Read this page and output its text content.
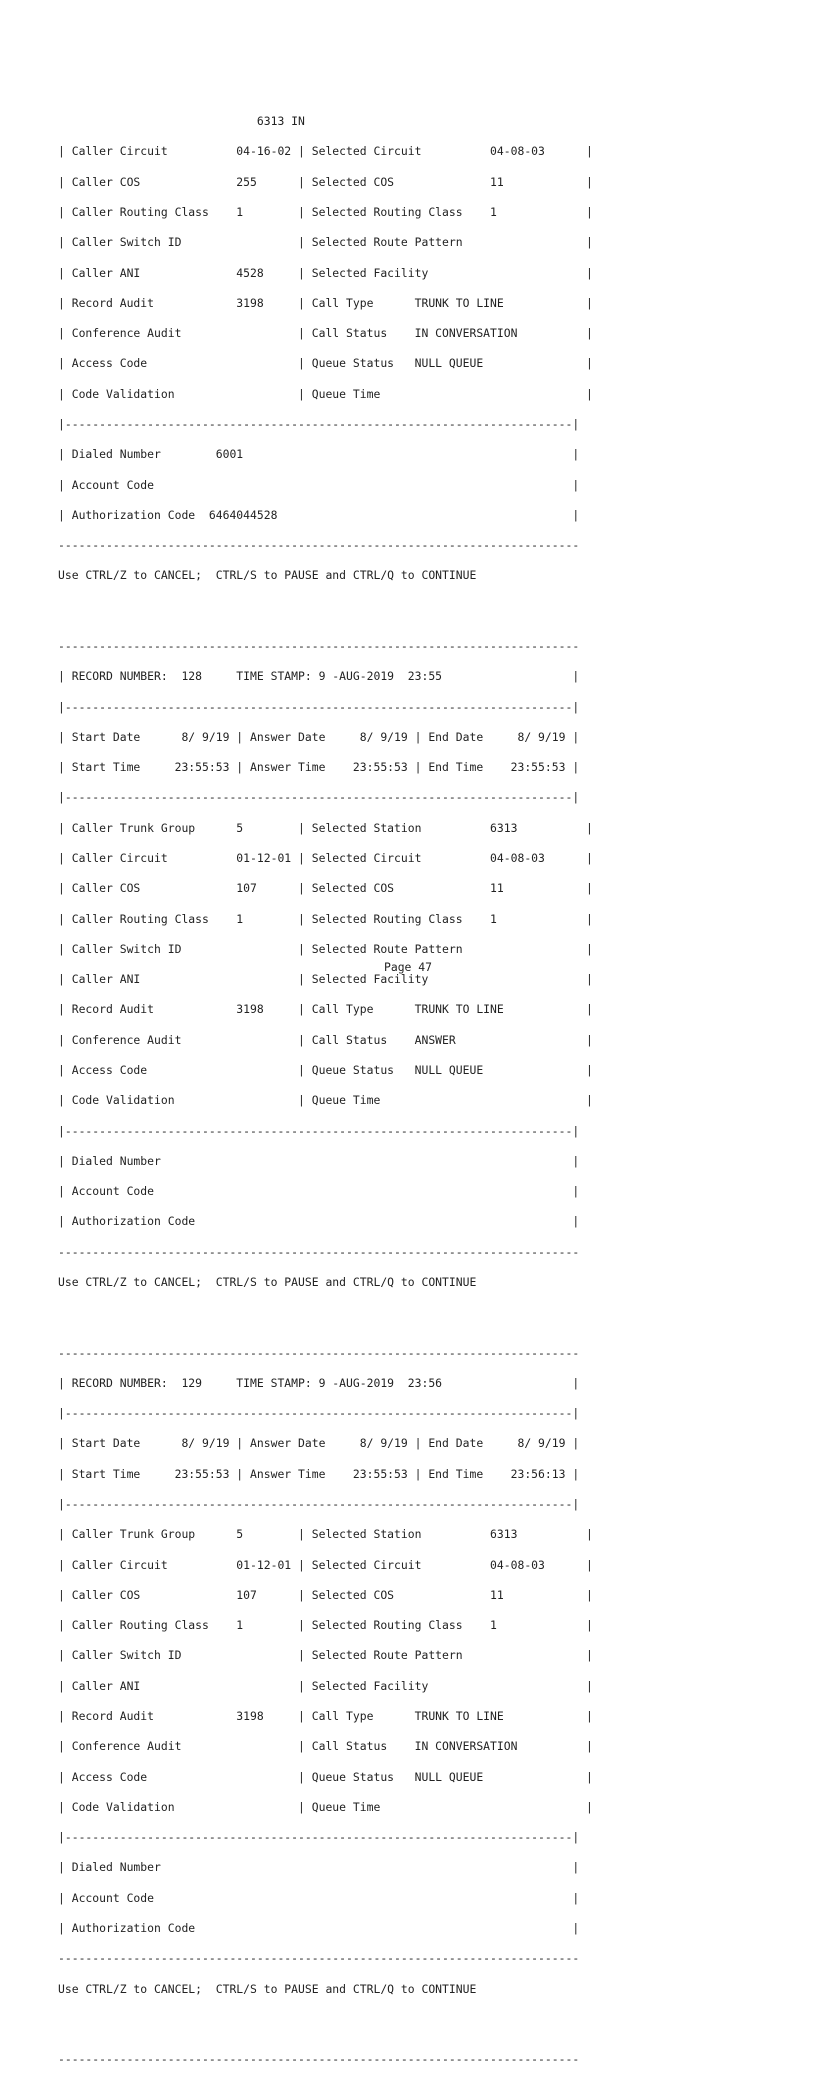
6313 IN

| Caller Circuit          04-16-02 | Selected Circuit          04-08-03      |

| Caller COS              255      | Selected COS              11            |

| Caller Routing Class    1        | Selected Routing Class    1             |

| Caller Switch ID                 | Selected Route Pattern                  |

| Caller ANI              4528     | Selected Facility                       |

| Record Audit            3198     | Call Type      TRUNK TO LINE            |

| Conference Audit                 | Call Status    IN CONVERSATION          |

| Access Code                      | Queue Status   NULL QUEUE               |

| Code Validation                  | Queue Time                              |

|--------------------------------------------------------------------------|

| Dialed Number        6001                                                |

| Account Code                                                             |

| Authorization Code  6464044528                                           |

----------------------------------------------------------------------------

Use CTRL/Z to CANCEL;  CTRL/S to PAUSE and CTRL/Q to CONTINUE

----------------------------------------------------------------------------

| RECORD NUMBER:  128     TIME STAMP: 9 -AUG-2019  23:55                   |

|--------------------------------------------------------------------------|

| Start Date      8/ 9/19 | Answer Date     8/ 9/19 | End Date     8/ 9/19 |

| Start Time     23:55:53 | Answer Time    23:55:53 | End Time    23:55:53 |

|--------------------------------------------------------------------------|

| Caller Trunk Group      5        | Selected Station          6313          |

| Caller Circuit          01-12-01 | Selected Circuit          04-08-03      |

| Caller COS              107      | Selected COS              11            |

| Caller Routing Class    1        | Selected Routing Class    1             |

| Caller Switch ID                 | Selected Route Pattern                  |

| Caller ANI                       | Selected Facility                       |

| Record Audit            3198     | Call Type      TRUNK TO LINE            |

| Conference Audit                 | Call Status    ANSWER                   |

| Access Code                      | Queue Status   NULL QUEUE               |

| Code Validation                  | Queue Time                              |

|--------------------------------------------------------------------------|

| Dialed Number                                                            |

| Account Code                                                             |

| Authorization Code                                                       |

----------------------------------------------------------------------------

Use CTRL/Z to CANCEL;  CTRL/S to PAUSE and CTRL/Q to CONTINUE

----------------------------------------------------------------------------

| RECORD NUMBER:  129     TIME STAMP: 9 -AUG-2019  23:56                   |

|--------------------------------------------------------------------------|

| Start Date      8/ 9/19 | Answer Date     8/ 9/19 | End Date     8/ 9/19 |

| Start Time     23:55:53 | Answer Time    23:55:53 | End Time    23:56:13 |

|--------------------------------------------------------------------------|

| Caller Trunk Group      5        | Selected Station          6313          |

| Caller Circuit          01-12-01 | Selected Circuit          04-08-03      |

| Caller COS              107      | Selected COS              11            |

| Caller Routing Class    1        | Selected Routing Class    1             |

| Caller Switch ID                 | Selected Route Pattern                  |

| Caller ANI                       | Selected Facility                       |

| Record Audit            3198     | Call Type      TRUNK TO LINE            |

| Conference Audit                 | Call Status    IN CONVERSATION          |

| Access Code                      | Queue Status   NULL QUEUE               |

| Code Validation                  | Queue Time                              |

|--------------------------------------------------------------------------|

| Dialed Number                                                            |

| Account Code                                                             |

| Authorization Code                                                       |

----------------------------------------------------------------------------

Use CTRL/Z to CANCEL;  CTRL/S to PAUSE and CTRL/Q to CONTINUE

----------------------------------------------------------------------------

Page 47
